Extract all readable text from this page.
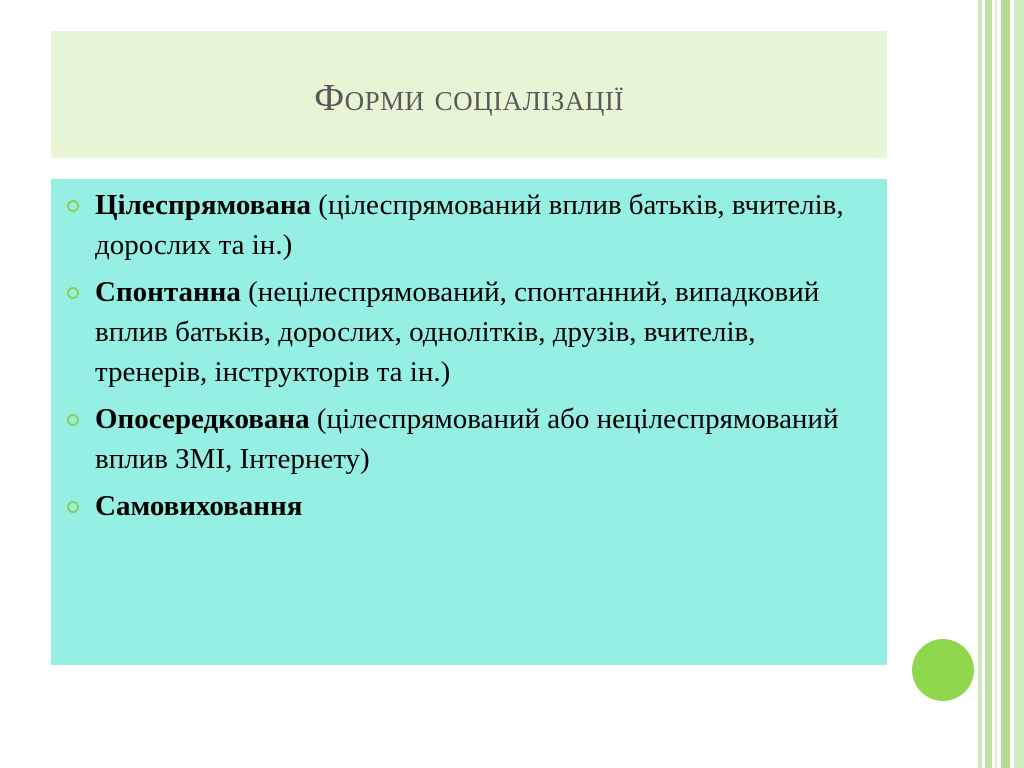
Форми соціалізації
Цілеспрямована (цілеспрямований вплив батьків, вчителів, дорослих та ін.)
Спонтанна (нецілеспрямований, спонтанний, випадковий вплив батьків, дорослих, однолітків, друзів, вчителів, тренерів, інструкторів та ін.)
Опосередкована (цілеспрямований або нецілеспрямований вплив ЗМІ, Інтернету)
Самовиховання
